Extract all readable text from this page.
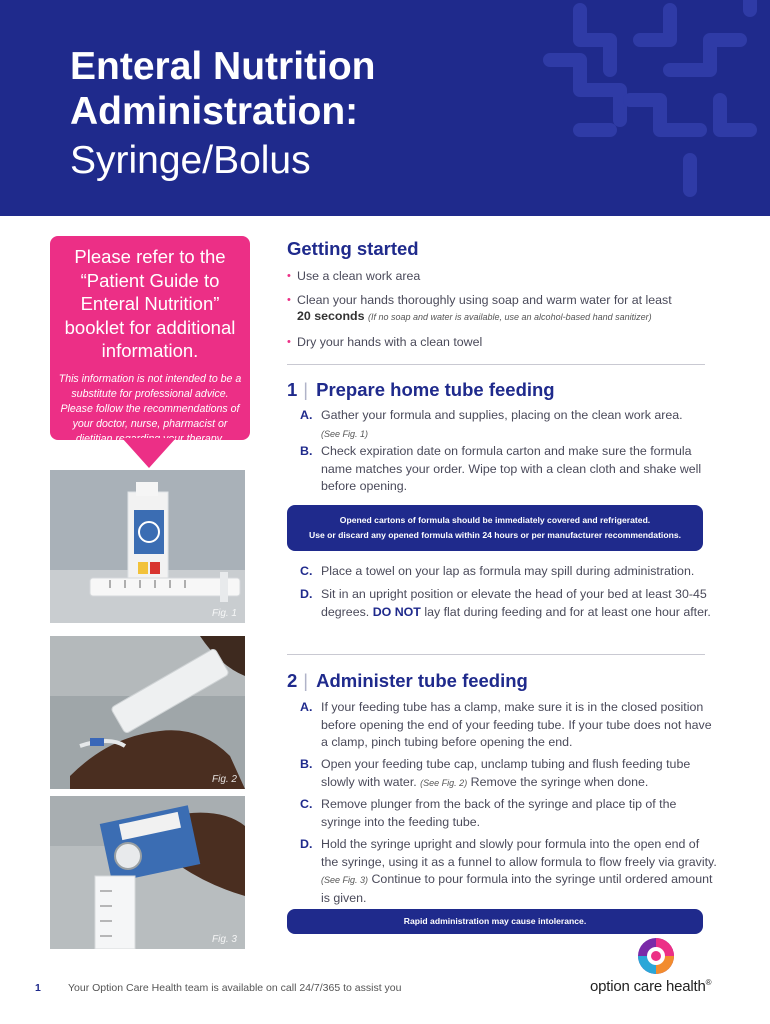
Enteral Nutrition
Administration:
Syringe/Bolus
Please refer to the “Patient Guide to Enteral Nutrition” booklet for additional information.
This information is not intended to be a substitute for professional advice. Please follow the recommendations of your doctor, nurse, pharmacist or dietitian regarding your therapy.
Fig. 1
Fig. 2
Fig. 3
Getting started
• Use a clean work area
• Clean your hands thoroughly using soap and warm water for at least
20 seconds (If no soap and water is available, use an alcohol-based hand sanitizer)
• Dry your hands with a clean towel
1 | Prepare home tube feeding
A. Gather your formula and supplies, placing on the clean work area.
(See Fig. 1)
B. Check expiration date on formula carton and make sure the formula name matches your order. Wipe top with a clean cloth and shake well before opening.
Opened cartons of formula should be immediately covered and refrigerated.
Use or discard any opened formula within 24 hours or per manufacturer recommendations.
C. Place a towel on your lap as formula may spill during administration.
D. Sit in an upright position or elevate the head of your bed at least 30-45 degrees. DO NOT lay flat during feeding and for at least one hour after.
2 | Administer tube feeding
A. If your feeding tube has a clamp, make sure it is in the closed position before opening the end of your feeding tube. If your tube does not have a clamp, pinch tubing before opening the end.
B. Open your feeding tube cap, unclamp tubing and flush feeding tube slowly with water. (See Fig. 2) Remove the syringe when done.
C. Remove plunger from the back of the syringe and place tip of the syringe into the feeding tube.
D. Hold the syringe upright and slowly pour formula into the open end of the syringe, using it as a funnel to allow formula to flow freely via gravity. (See Fig. 3) Continue to pour formula into the syringe until ordered amount is given.
Rapid administration may cause intolerance.
1	Your Option Care Health team is available on call 24/7/365 to assist you	option care health®
